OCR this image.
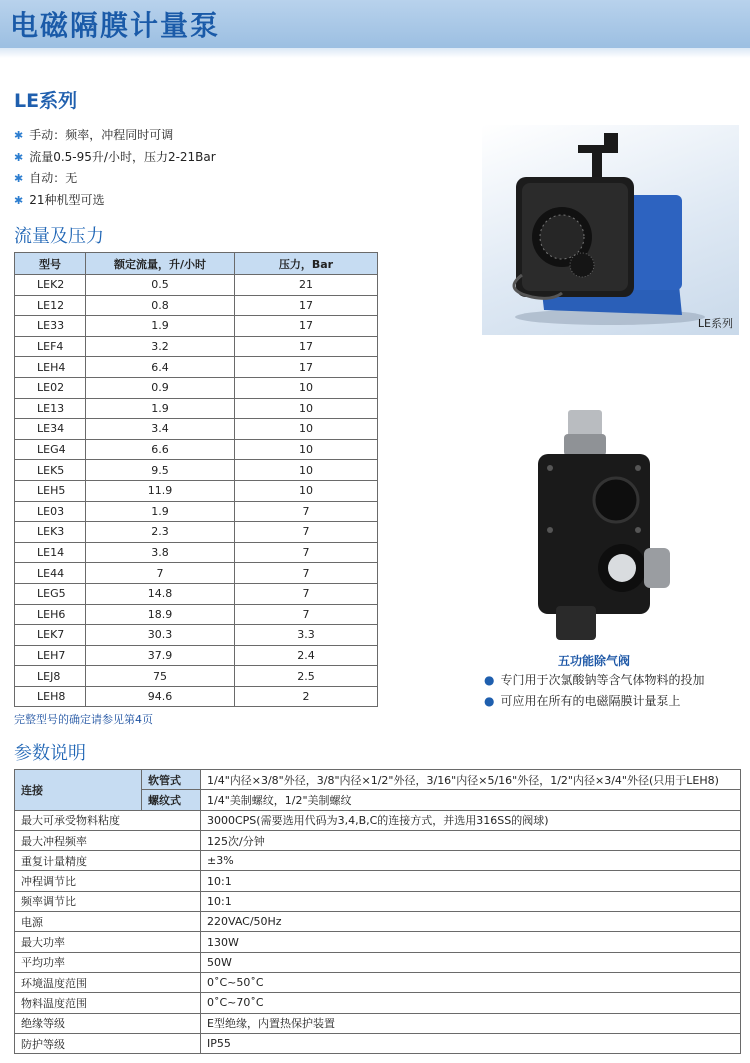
电磁隔膜计量泵
LE系列
✱ 手动：频率，冲程同时可调
✱ 流量0.5-95升/小时，压力2-21Bar
✱ 自动：无
✱ 21种机型可选
流量及压力
型号	额定流量，升/小时	压力，Bar
LEK2	0.5	21
LE12	0.8	17
LE33	1.9	17
LEF4	3.2	17
LEH4	6.4	17
LE02	0.9	10
LE13	1.9	10
LE34	3.4	10
LEG4	6.6	10
LEK5	9.5	10
LEH5	11.9	10
LE03	1.9	7
LEK3	2.3	7
LE14	3.8	7
LE44	7	7
LEG5	14.8	7
LEH6	18.9	7
LEK7	30.3	3.3
LEH7	37.9	2.4
LEJ8	75	2.5
LEH8	94.6	2
完整型号的确定请参见第4页
LE系列
五功能除气阀
● 专门用于次氯酸钠等含气体物料的投加
● 可应用在所有的电磁隔膜计量泵上
参数说明
连接	软管式	1/4"内径×3/8"外径，3/8"内径×1/2"外径，3/16"内径×5/16"外径，1/2"内径×3/4"外径(只用于LEH8)
	螺纹式	1/4"美制螺纹，1/2"美制螺纹
最大可承受物料粘度		3000CPS(需要选用代码为3,4,B,C的连接方式，并选用316SS的阀球)
最大冲程频率		125次/分钟
重复计量精度		±3%
冲程调节比		10:1
频率调节比		10:1
电源		220VAC/50Hz
最大功率		130W
平均功率		50W
环境温度范围		0˚C~50˚C
物料温度范围		0˚C~70˚C
绝缘等级		E型绝缘，内置热保护装置
防护等级		IP55
